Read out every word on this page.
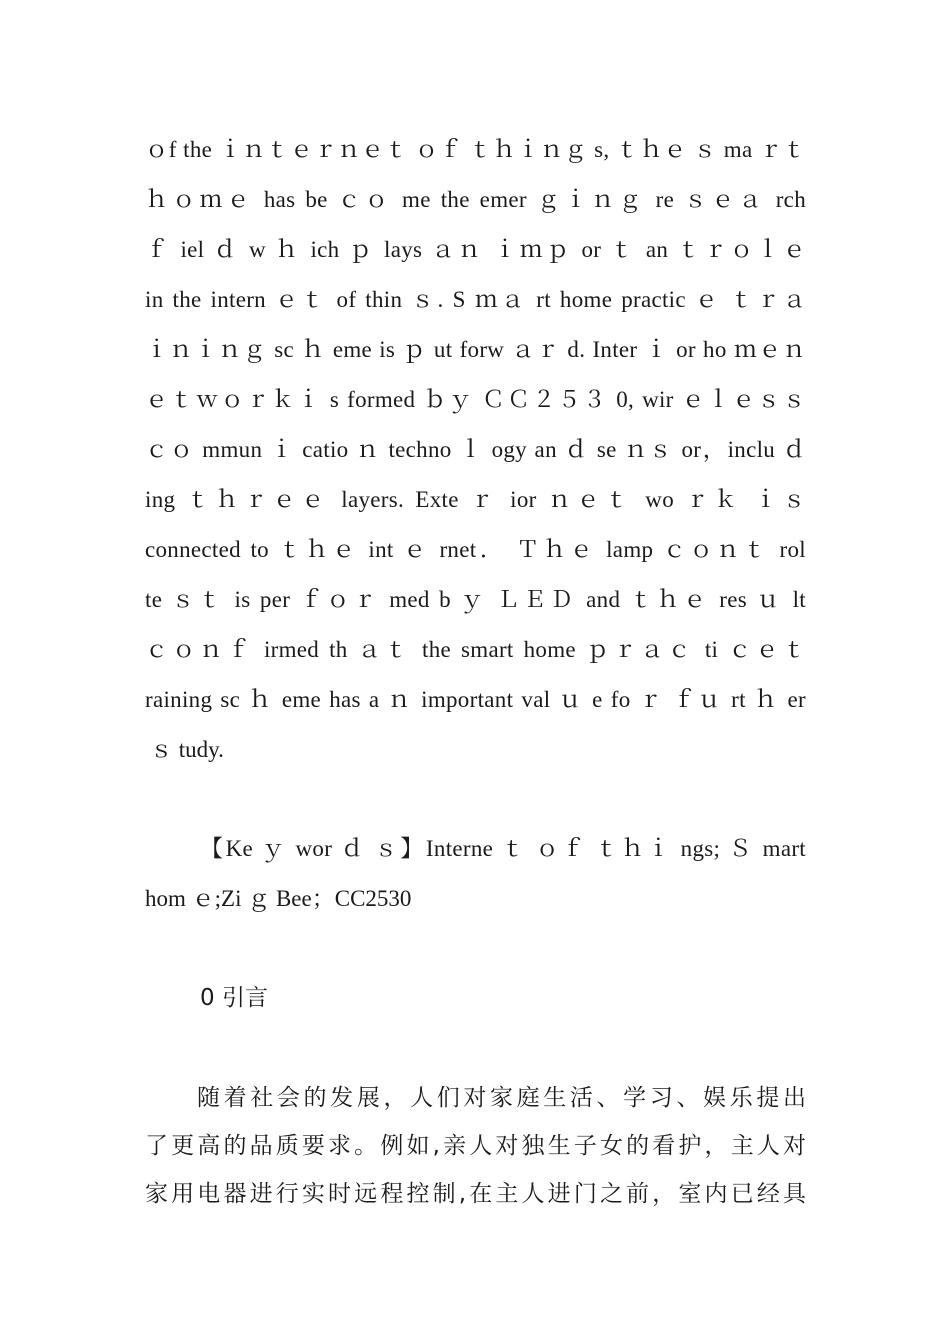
ｏf the ｉｎｔｅｒｎｅｔ ｏｆ ｔｈｉｎｇ s, ｔｈｅ ｓ ma ｒｔ
ｈｏｍｅ has be ｃｏ me the emer ｇｉｎｇ re ｓｅａ rch
ｆ iel ｄ w ｈ ich ｐ lays ａｎ ｉｍｐ or ｔ an ｔｒｏｌｅ
in the intern ｅｔ of thin ｓ. S ｍａ rt home practic ｅ ｔｒａ
ｉｎｉｎｇ sc ｈ eme is ｐ ut forw ａｒ d. Inter ｉ or ho ｍｅｎ
ｅｔｗｏｒｋｉ s formed ｂｙ ＣＣ２５３ 0, wir ｅｌｅｓｓ
ｃｏ mmun ｉ catio ｎ techno ｌ ogy an ｄ se ｎｓ or，inclu ｄ
ing ｔｈｒｅｅ layers. Exte ｒ ior ｎｅｔ wo ｒｋ ｉｓ
connected to ｔｈｅ int ｅ rnet． Ｔｈｅ lamp ｃｏｎｔ rol
te ｓｔ is per ｆｏｒ med b ｙ ＬＥＤ and ｔｈｅ res ｕ lt
ｃｏｎｆ irmed th ａｔ the smart home ｐｒａｃ ti ｃｅｔ
raining sc ｈ eme has a ｎ important val ｕ e fo ｒ ｆｕ rt ｈ er
ｓ tudy.
【Ke ｙ wor ｄ ｓ】Interne ｔ ｏｆ ｔｈｉ ngs; Ｓ mart
hom ｅ;Zi ｇ Bee；CC2530
0 引言
随着社会的发展，人们对家庭生活、学习、娱乐提出
了更高的品质要求。例如,亲人对独生子女的看护，主人对
家用电器进行实时远程控制,在主人进门之前，室内已经具
